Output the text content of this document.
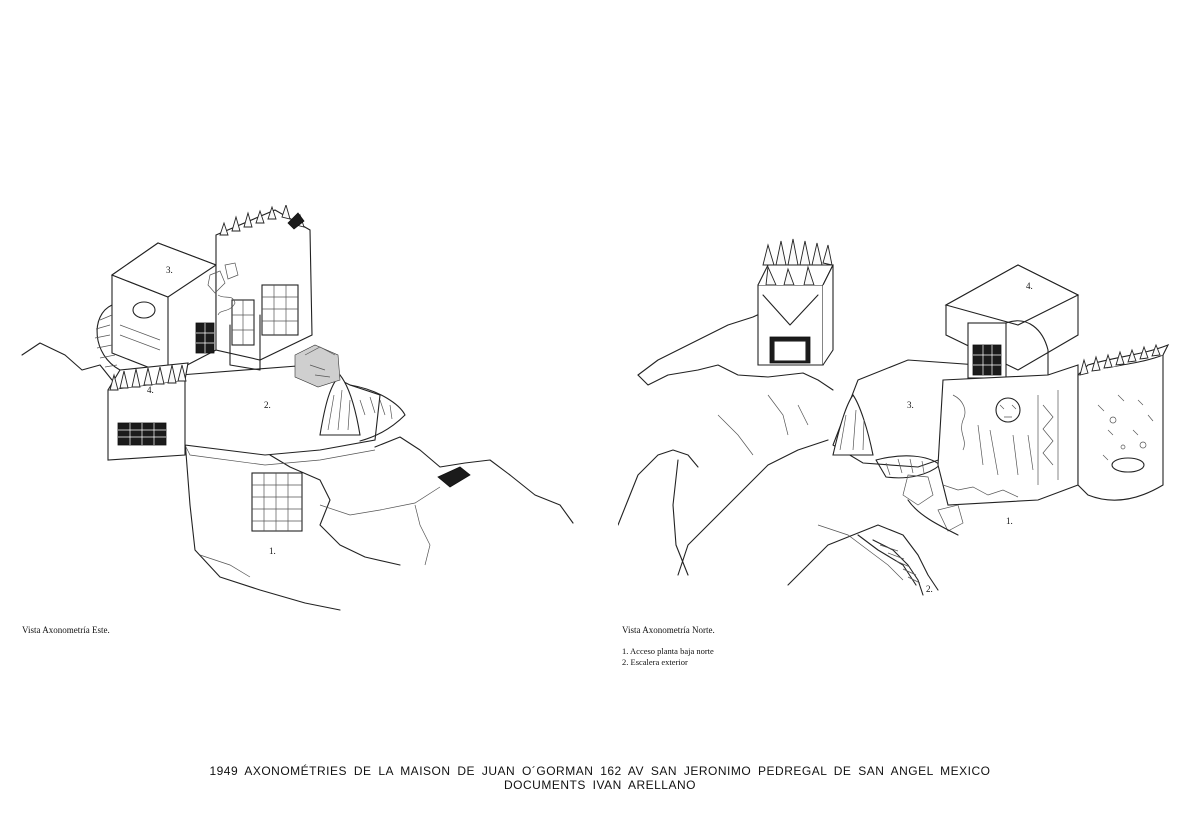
3.
2.
4.
1.
3.
4.
1.
2.
Vista Axonometría Este.	Vista Axonometría Norte.
1. Acceso planta baja norte
2. Escalera exterior
1949 AXONOMÉTRIES DE LA MAISON DE JUAN O´GORMAN 162 AV SAN JERONIMO PEDREGAL DE SAN ANGEL MEXICO
DOCUMENTS IVAN ARELLANO
